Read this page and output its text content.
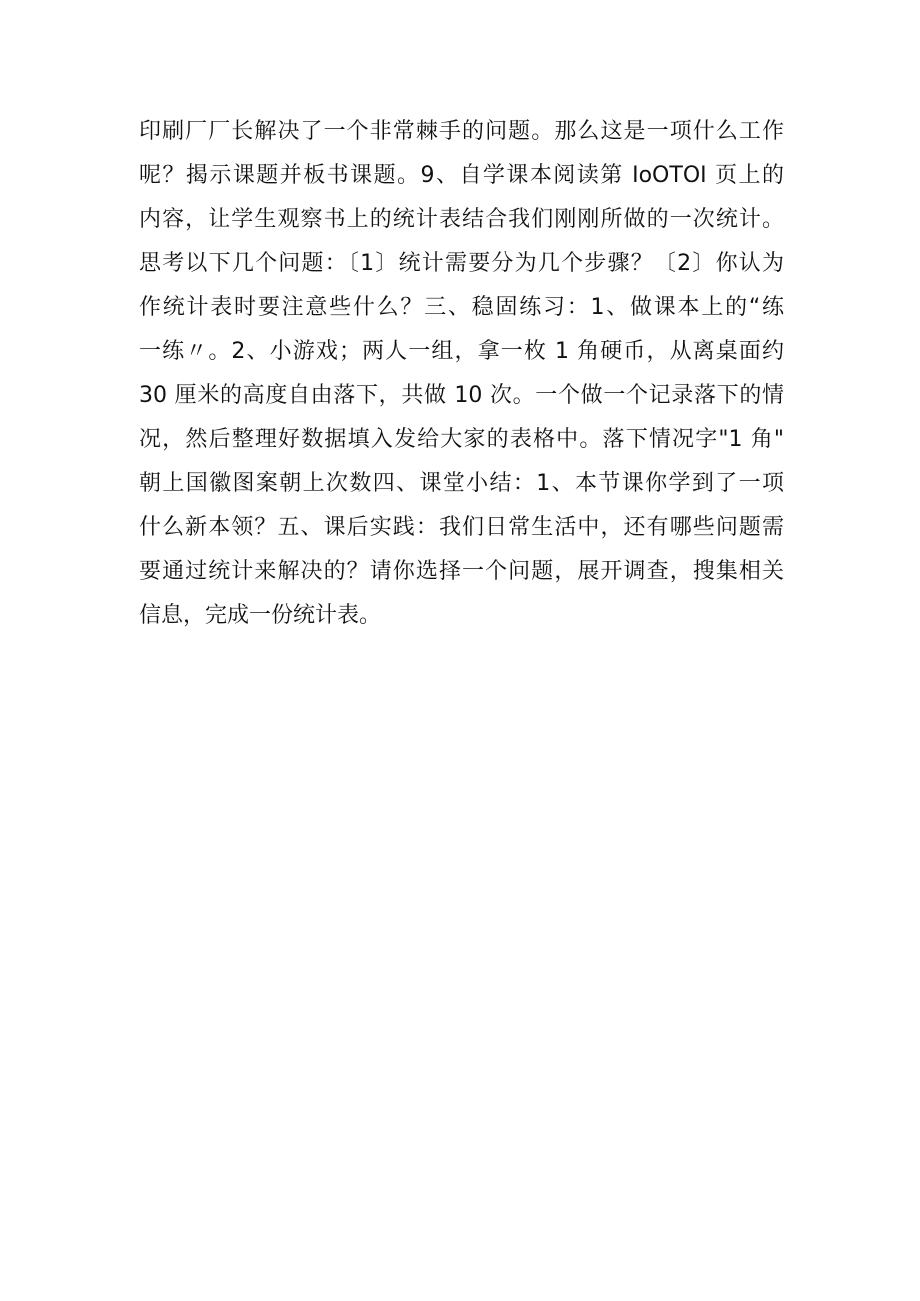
印刷厂厂长解决了一个非常棘手的问题。那么这是一项什么工作
呢？揭示课题并板书课题。9、自学课本阅读第 IoOTOI 页上的
内容，让学生观察书上的统计表结合我们刚刚所做的一次统计。
思考以下几个问题：〔1〕统计需要分为几个步骤？〔2〕你认为
作统计表时要注意些什么？三、稳固练习：1、做课本上的“练
一练〃。2、小游戏；两人一组，拿一枚 1 角硬币，从离桌面约
30 厘米的高度自由落下，共做 10 次。一个做一个记录落下的情
况，然后整理好数据填入发给大家的表格中。落下情况字"1 角"
朝上国徽图案朝上次数四、课堂小结：1、本节课你学到了一项
什么新本领？五、课后实践：我们日常生活中，还有哪些问题需
要通过统计来解决的？请你选择一个问题，展开调查，搜集相关
信息，完成一份统计表。
